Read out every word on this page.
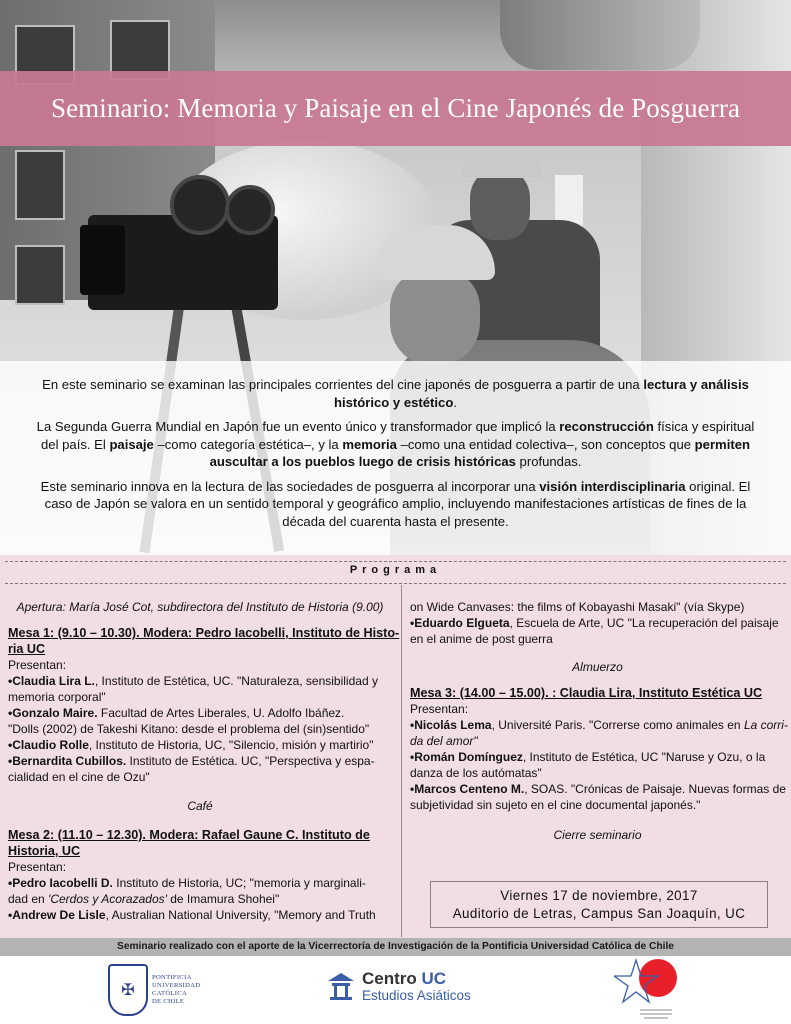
Seminario: Memoria y Paisaje en el Cine Japonés de Posguerra

En este seminario se examinan las principales corrientes del cine japonés de posguerra a partir de una lectura y análisis histórico y estético.

La Segunda Guerra Mundial en Japón fue un evento único y transformador que implicó la reconstrucción física y espiritual del país. El paisaje –como categoría estética–, y la memoria –como una entidad colectiva–, son conceptos que permiten auscultar a los pueblos luego de crisis históricas profundas.

Este seminario innova en la lectura de las sociedades de posguerra al incorporar una visión interdisciplinaria original. El caso de Japón se valora en un sentido temporal y geográfico amplio, incluyendo manifestaciones artísticas de fines de la década del cuarenta hasta el presente.

Programa
Apertura: María José Cot, subdirectora del Instituto de Historia (9.00)
Mesa 1: (9.10 – 10.30). Modera: Pedro Iacobelli, Instituto de Histo-
ria UC
Presentan:
•Claudia Lira L., Instituto de Estética, UC. "Naturaleza, sensibilidad y
memoria corporal"
•Gonzalo Maire. Facultad de Artes Liberales, U. Adolfo Ibáñez.
"Dolls (2002) de Takeshi Kitano: desde el problema del (sin)sentido"
•Claudio Rolle, Instituto de Historia, UC, "Silencio, misión y martirio"
•Bernardita Cubillos. Instituto de Estética. UC, "Perspectiva y espa-
cialidad en el cine de Ozu"
Café
Mesa 2: (11.10 – 12.30). Modera: Rafael Gaune C. Instituto de
Historia, UC
Presentan:
•Pedro Iacobelli D. Instituto de Historia, UC; "memoria y marginali-
dad en 'Cerdos y Acorazados' de Imamura Shohei"
•Andrew De Lisle, Australian National University, "Memory and Truth
on Wide Canvases: the films of Kobayashi Masaki" (vía Skype)
•Eduardo Elgueta, Escuela de Arte, UC "La recuperación del paisaje
en el anime de post guerra
Almuerzo
Mesa 3: (14.00 – 15.00). : Claudia Lira, Instituto Estética UC
Presentan:
•Nicolás Lema, Université Paris. "Correrse como animales en La corri-
da del amor"
•Román Domínguez, Instituto de Estética, UC "Naruse y Ozu, o la
danza de los autómatas"
•Marcos Centeno M., SOAS. "Crónicas de Paisaje. Nuevas formas de
subjetividad sin sujeto en el cine documental japonés."
Cierre seminario
Viernes 17 de noviembre, 2017
Auditorio de Letras, Campus San Joaquín, UC
Seminario realizado con el aporte de la Vicerrectoría de Investigación de la Pontificia Universidad Católica de Chile
✠
PONTIFICIA
UNIVERSIDAD
CATÓLICA
DE CHILE
Centro UC
Estudios Asiáticos
